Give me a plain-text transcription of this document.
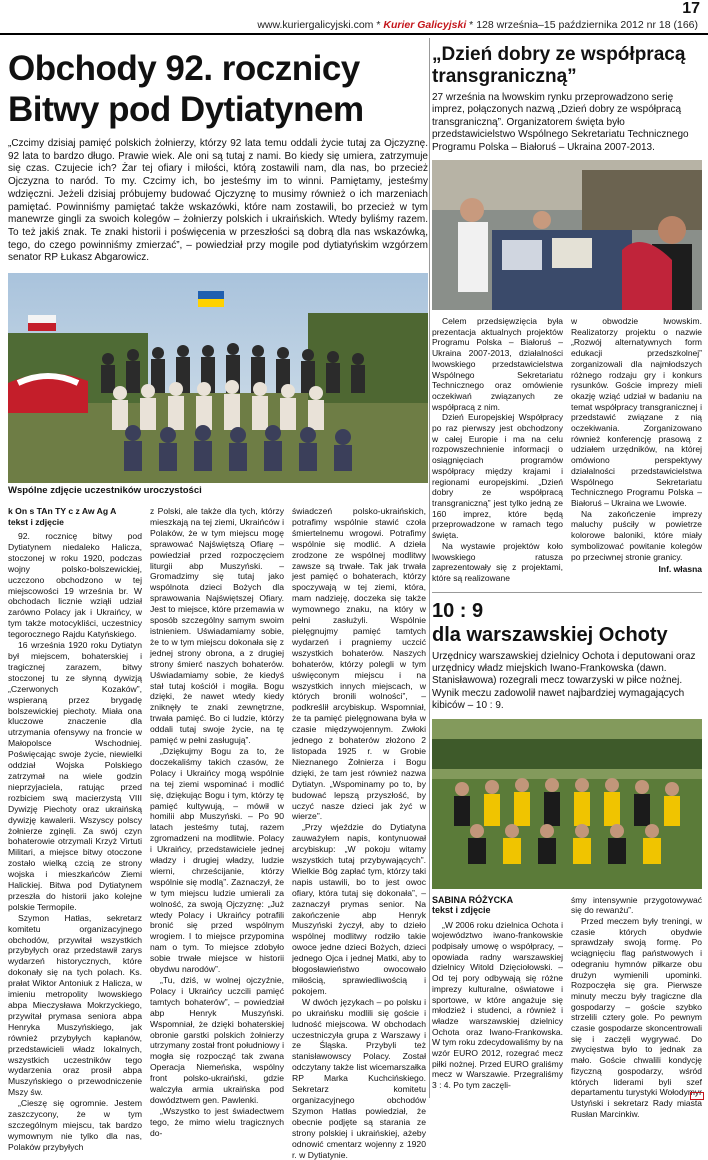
www.kuriergalicyjski.com * Kurier Galicyjski * 128 września–15 października 2012 nr 18 (166)
17
Obchody 92. rocznicy Bitwy pod Dytiatynem

„Czcimy dzisiaj pamięć polskich żołnierzy, którzy 92 lata temu oddali życie tutaj za Ojczyznę. 92 lata to bardzo długo. Prawie wiek. Ale oni są tutaj z nami. Bo kiedy się umiera, zatrzymuje się czas. Czujecie ich? Żar tej ofiary i miłości, którą zostawili nam, dla nas, bo przecież Ojczyzna to naród. To my. Czcimy ich, bo jesteśmy im to winni. Pamiętamy, jesteśmy wdzięczni. Jeżeli dzisiaj próbujemy budować Ojczyznę to musimy również o ich marzeniach pamiętać. Powinniśmy pamiętać także wskazówki, które nam zostawili, bo przecież w tym manewrze gingli za swoich kolegów – żołnierzy polskich i ukraińskich. Wtedy byliśmy razem. To też jakiś znak. Te znaki historii i poświęcenia w przeszłości są dobrą dla nas wskazówką, tego, do czego powinniśmy zmierzać”, – powiedział przy mogile pod dytiatyńskim wzgórzem senator RP Łukasz Abgarowicz.

Wspólne zdjęcie uczestników uroczystości

k On s TAn TY c z Aw Ag A
tekst i zdjęcie

92. rocznicę bitwy pod Dytiatynem niedaleko Halicza, stoczonej w roku 1920, podczas wojny polsko-bolszewickiej, uczczono obchodzono w tej miejscowości 19 września br. W obchodach licznie wziąłi udział zarówno Polacy jak i Ukraińcy, w tym także motocykliści, uczestnicy tegorocznego Rajdu Katyńskiego.

16 września 1920 roku Dytiatyn był miejscem, bohaterskiej i tragicznej zarazem, bitwy stoczonej tu ze słynną dywizją „Czerwonych Kozaków”, wspieraną przez brygadę bolszewickiej piechoty. Miała ona kluczowe znaczenie dla utrzymania ofensywy na froncie w Małopolsce Wschodniej. Poświęcając swoje życie, niewielki oddział Wojska Polskiego zatrzymał na wiele godzin nieprzyjaciela, ratując przed rozbiciem swą macierzystą VIII Dywizję Piechoty oraz ukraińską dywizję kawalerii. Wszyscy polscy żołnierze zginęli. Za swój czyn bohaterowie otrzymali Krzyż Virtuti Militari, a miejsce bitwy otoczone zostało wielką czcią ze strony wojska i mieszkańców Ziemi Halickiej. Bitwa pod Dytiatynem przeszła do historii jako kolejne polskie Termopile.

Szymon Hatłas, sekretarz komitetu organizacyjnego obchodów, przywitał wszystkich przybyłych oraz przedstawił zarys wydarzeń historycznych, które dokonały się na tych polach. Ks. prałat Wiktor Antoniuk z Halicza, w imieniu metropolity lwowskiego abpa Mieczysława Mokrzyckiego, przywitał prymasa seniora abpa Henryka Muszyńskiego, jak również przybyłych kapłanów, przedstawicieli władz lokalnych, wszystkich uczestników tego wydarzenia oraz prosił abpa Muszyńskiego o przewodniczenie Mszy św.

„Cieszę się ogromnie. Jestem zaszczycony, że w tym szczególnym miejscu, tak bardzo wymownym nie tylko dla nas, Polaków przybyłych

z Polski, ale także dla tych, którzy mieszkają na tej ziemi, Ukraińców i Polaków, że w tym miejscu mogę sprawować Najświętszą Ofiarę – powiedział przed rozpoczęciem liturgii abp Muszyński. – Gromadzimy się tutaj jako wspólnota dzieci Bożych dla sprawowania Najświętszej Ofiary. Jest to miejsce, które przemawia w sposób szczególny samym swoim istnieniem. Uświadamiamy sobie, że to w tym miejscu dokonała się z jednej strony obrona, a z drugiej strony śmierć naszych bohaterów. Uświadamiamy sobie, że kiedyś stał tutaj kościół i mogiła. Bogu dzięki, że nawet wtedy kiedy zniknęły te znaki zewnętrzne, trwała pamięć. Bo ci ludzie, którzy oddali tutaj swoje życie, na tę pamięć w pełni zasługują”.

„Dziękujmy Bogu za to, że doczekaliśmy takich czasów, że Polacy i Ukraińcy mogą wspólnie na tej ziemi wspominać i modlić się, dziękując Bogu i tym, którzy tę pamięć kultywują, – mówił w homilii abp Muszyński. – Po 90 latach jesteśmy tutaj, razem zgromadzeni na modlitwie. Polacy i Ukraińcy, przedstawiciele jednej władzy i drugiej władzy, ludzie wierni, chrześcijanie, którzy wspólnie się modlą”. Zaznaczył, że w tym miejscu ludzie umierali za wolność, za swoją Ojczyznę: „Już wtedy Polacy i Ukraińcy potrafili bronić się przed wspólnym wrogiem. I to miejsce przypomina nam o tym. To miejsce zdobyło sobie trwałe miejsce w historii obydwu narodów”.

„Tu, dziś, w wolnej ojczyźnie, Polacy i Ukraińcy uczcili pamięć tamtych bohaterów”, – powiedział abp Henryk Muszyński. Wspomniał, że dzięki bohaterskiej obronie garstki polskich żołnierzy utrzymany został front południowy i mogła się rozpocząć tak zwana Operacja Niemeńska, wspólny front polsko-ukraiński, gdzie walczyła armia ukraińska pod dowództwem gen. Pawlenki.

„Wszystko to jest świadectwem tego, że mimo wielu tragicznych do-

świadczeń polsko-ukraińskich, potrafimy wspólnie stawić czoła śmiertelnemu wrogowi. Potrafimy wspólnie się modlić. A dzieła zrodzone ze wspólnej modlitwy zawsze są trwałe. Tak jak trwała jest pamięć o bohaterach, którzy spoczywają w tej ziemi, która, mam nadzieję, doczeka się także wymownego znaku, na który w pełni zasłużyli. Wspólnie pielęgnujmy pamięć tamtych wydarzeń i pragniemy uczcić wszystkich bohaterów. Naszych bohaterów, którzy polegli w tym uświęconym miejscu i na wszystkich innych miejscach, w których bronili wolności”, – podkreślił arcybiskup. Wspomniał, że ta pamięć pielęgnowana była w czasie międzywojennym. Zwłoki jednego z bohaterów złożono 2 listopada 1925 r. w Grobie Nieznanego Żołnierza i Bogu dzięki, że tam jest również nazwa Dytiatyn. „Wspominamy po to, by budować lepszą przyszłość, by uczyć nasze dzieci jak żyć w wierze”.

„Przy wjeździe do Dytiatyna zauważyłem napis, kontynuował arcybiskup: „W pokoju witamy wszystkich tutaj przybywających”. Wielkie Bóg zapłać tym, którzy taki napis ustawili, bo to jest owoc ofiary, która tutaj się dokonała”, – zaznaczył prymas senior. Na zakończenie abp Henryk Muszyński życzył, aby to dzieło wspólnej modlitwy rodziło takie owoce jedne dzieci Bożych, dzieci jednego Ojca i jednej Matki, aby to błogosławieństwo owocowało miłością, sprawiedliwością i pokojem.

W dwóch językach – po polsku i po ukraińsku modlili się goście i ludność miejscowa. W obchodach uczestniczyła grupa z Warszawy i ze Śląska. Przybyli też stanisławowscy Polacy. Został odczytany także list wicemarszałka RP Marka Kuchcińskiego. Sekretarz komitetu organizacyjnego obchodów Szymon Hatłas powiedział, że obecnie podjęte są starania ze strony polskiej i ukraińskiej, ażeby odnowić cmentarz wojenny z 1920 r. w Dytiatynie.

„Dzień dobry ze współpracą transgraniczną”

27 września na lwowskim rynku przeprowadzono serię imprez, połączonych nazwą „Dzień dobry ze współpracą transgraniczną”. Organizatorem święta było przedstawicielstwo Wspólnego Sekretariatu Technicznego Programu Polska – Białoruś – Ukraina 2007-2013.

Celem przedsięwzięcia była prezentacja aktualnych projektów Programu Polska – Białoruś – Ukraina 2007-2013, działalności lwowskiego przedstawicielstwa Wspólnego Sekretariatu Technicznego oraz omówienie oczekiwań związanych ze współpracą z nim.

Dzień Europejskiej Współpracy po raz pierwszy jest obchodzony w całej Europie i ma na celu rozpowszechnienie informacji o osiągnięciach programów współpracy między krajami i regionami europejskimi. „Dzień dobry ze współpracą transgraniczną” jest tylko jedną ze 160 imprez, które będą przeprowadzone w ramach tego święta.

Na wystawie projektów koło lwowskiego ratusza zaprezentowały się z projektami, które są realizowane

w obwodzie lwowskim. Realizatorzy projektu o nazwie „Rozwój alternatywnych form edukacji przedszkolnej” zorganizowali dla najmłodszych różnego rodzaju gry i konkurs rysunków. Goście imprezy mieli okazję wziąć udział w badaniu na temat współpracy transgranicznej i przedstawić związane z nią oczekiwania. Zorganizowano również konferencję prasową z udziałem urzędników, na której omówiono perspektywy działalności przedstawicielstwa Wspólnego Sekretariatu Technicznego Programu Polska – Białoruś – Ukraina we Lwowie.

Na zakończenie imprezy maluchy puściły w powietrze kolorowe baloniki, które miały symbolizować powitanie kolegów po przeciwnej stronie granicy.

Inf. własna

10 : 9
dla warszawskiej Ochoty

Urzędnicy warszawskiej dzielnicy Ochota i deputowani oraz urzędnicy władz miejskich Iwano-Frankowska (dawn. Stanisławowa) rozegrali mecz towarzyski w piłce nożnej. Wynik meczu zadowolił nawet najbardziej wymagających kibiców – 10 : 9.

SABINA RÓŻYCKA
tekst i zdjęcie

„W 2006 roku dzielnica Ochota i województwo iwano-frankowskie podpisały umowę o współpracy, – opowiada radny warszawskiej dzielnicy Witold Dzięciołowski. – Od tej pory odbywają się różne imprezy kulturalne, oświatowe i sportowe, w które angażuje się młodzież i studenci, a również i władze warszawskiej dzielnicy Ochota oraz Iwano-Frankowska. W tym roku zdecydowaliśmy by na wzór EURO 2012, rozegrać mecz piłki nożnej. Przed EURO graliśmy mecz w Warszawie. Przegraliśmy 3 : 4. Po tym zaczęli-

śmy intensywnie przygotowywać się do rewanżu”.

Przed meczem były treningi, w czasie których obydwie sprawdzały swoją formę. Po wciągnięciu flag państwowych i odegraniu hymnów piłkarze obu drużyn wymienili upominki. Rozpoczęła się gra. Pierwsze minuty meczu były tragiczne dla gospodarzy – goście szybko strzelili cztery gole. Po pewnym czasie gospodarze skoncentrowali się i zaczęli wygrywać. Do zwycięstwa było to jednak za mało. Goście chwalili kondycję fizyczną gospodarzy, wśród których liderami byli szef departamentu turystyki Wołodymyr Ustyński i sekretarz Rady miasta Rusłan Marcinkiw.
